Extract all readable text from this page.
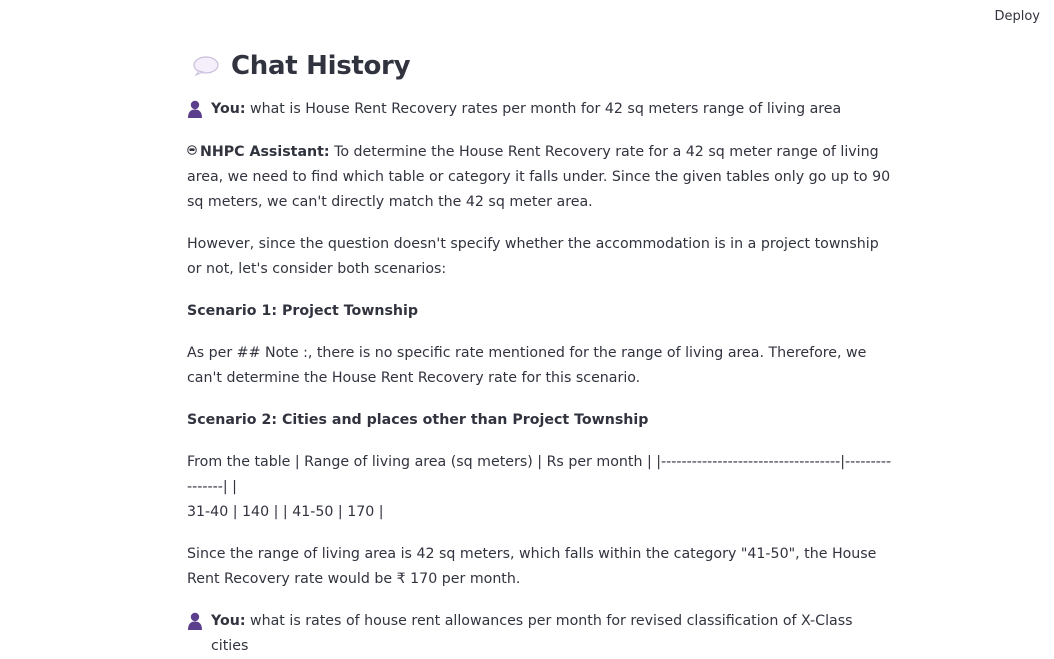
Deploy
Chat History

You: what is House Rent Recovery rates per month for 42 sq meters range of living area

NHPC Assistant: To determine the House Rent Recovery rate for a 42 sq meter range of living area, we need to find which table or category it falls under. Since the given tables only go up to 90 sq meters, we can't directly match the 42 sq meter area.

However, since the question doesn't specify whether the accommodation is in a project township or not, let's consider both scenarios:

Scenario 1: Project Township

As per ## Note :, there is no specific rate mentioned for the range of living area. Therefore, we can't determine the House Rent Recovery rate for this scenario.

Scenario 2: Cities and places other than Project Township

From the table | Range of living area (sq meters) | Rs per month | |-----------------------------------|----------------| |
31-40 | 140 | | 41-50 | 170 |

Since the range of living area is 42 sq meters, which falls within the category "41-50", the House Rent Recovery rate would be ₹ 170 per month.

You: what is rates of house rent allowances per month for revised classification of X-Class cities
